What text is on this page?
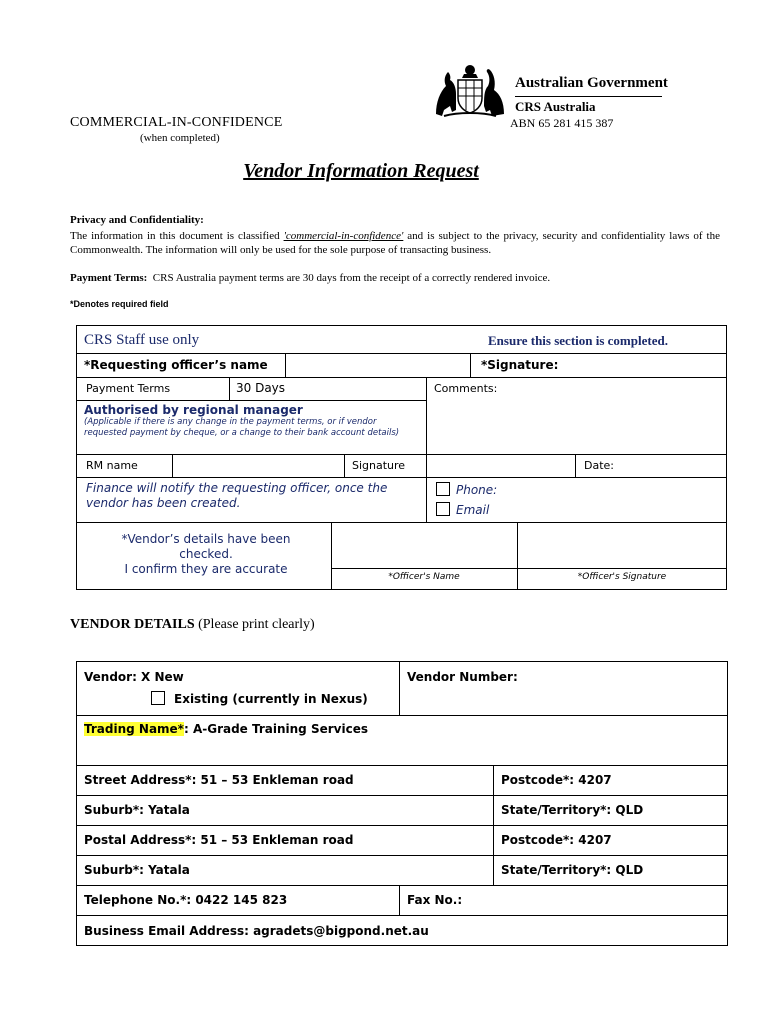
Australian Government
CRS Australia
COMMERCIAL-IN-CONFIDENCE	ABN 65 281 415 387
(when completed)
Vendor Information Request
Privacy and Confidentiality:
The information in this document is classified 'commercial-in-confidence' and is subject to the privacy, security and confidentiality laws of the Commonwealth. The information will only be used for the sole purpose of transacting business.
Payment Terms: CRS Australia payment terms are 30 days from the receipt of a correctly rendered invoice.
*Denotes required field
CRS Staff use only	Ensure this section is completed.
*Requesting officer’s name	*Signature:
Payment Terms	30 Days	Comments:
Authorised by regional manager
(Applicable if there is any change in the payment terms, or if vendor requested payment by cheque, or a change to their bank account details)
RM name	Signature	Date:
Finance will notify the requesting officer, once the vendor has been created.
Phone:
Email
*Vendor’s details have been
checked.
I confirm they are accurate
*Officer's Name	*Officer's Signature
VENDOR DETAILS (Please print clearly)
Vendor: X New
Existing (currently in Nexus)
Vendor Number:
Trading Name*: A-Grade Training Services
Street Address*: 51 – 53 Enkleman road	Postcode*: 4207
Suburb*: Yatala	State/Territory*: QLD
Postal Address*: 51 – 53 Enkleman road	Postcode*: 4207
Suburb*: Yatala	State/Territory*: QLD
Telephone No.*: 0422 145 823	Fax No.:
Business Email Address: agradets@bigpond.net.au
